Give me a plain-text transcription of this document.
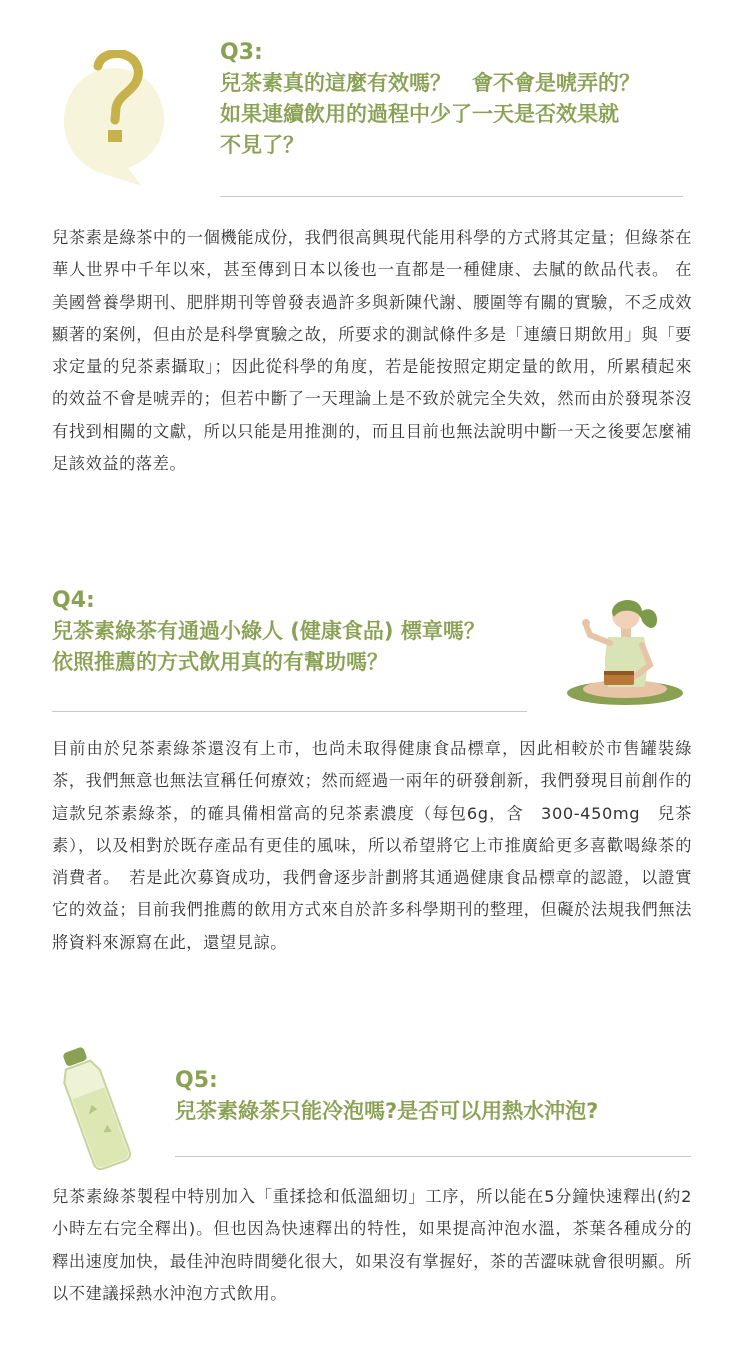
Q3:

兒茶素真的這麼有效嗎？　會不會是唬弄的？

如果連續飲用的過程中少了一天是否效果就

不見了？

兒茶素是綠茶中的一個機能成份，我們很高興現代能用科學的方式將其定量；但綠茶在華人世界中千年以來，甚至傳到日本以後也一直都是一種健康、去膩的飲品代表。 在美國營養學期刊、肥胖期刊等曾發表過許多與新陳代謝、腰圍等有關的實驗，不乏成效顯著的案例，但由於是科學實驗之故，所要求的測試條件多是「連續日期飲用」與「要求定量的兒茶素攝取」；因此從科學的角度，若是能按照定期定量的飲用，所累積起來的效益不會是唬弄的；但若中斷了一天理論上是不致於就完全失效，然而由於發現茶沒有找到相關的文獻，所以只能是用推測的，而且目前也無法說明中斷一天之後要怎麼補足該效益的落差。

Q4:

兒茶素綠茶有通過小綠人 (健康食品) 標章嗎？

依照推薦的方式飲用真的有幫助嗎？

目前由於兒茶素綠茶還沒有上市，也尚未取得健康食品標章，因此相較於市售罐裝綠茶，我們無意也無法宣稱任何療效；然而經過一兩年的研發創新，我們發現目前創作的這款兒茶素綠茶，的確具備相當高的兒茶素濃度（每包6g，含　300-450mg　兒茶素），以及相對於既存產品有更佳的風味，所以希望將它上市推廣給更多喜歡喝綠茶的消費者。　若是此次募資成功，我們會逐步計劃將其通過健康食品標章的認證，以證實它的效益；目前我們推薦的飲用方式來自於許多科學期刊的整理，但礙於法規我們無法將資料來源寫在此，還望見諒。

Q5:

兒茶素綠茶只能冷泡嗎?是否可以用熱水沖泡?

兒茶素綠茶製程中特別加入「重揉捻和低溫細切」工序，所以能在5分鐘快速釋出(約2小時左右完全釋出)。但也因為快速釋出的特性，如果提高沖泡水溫，茶葉各種成分的釋出速度加快，最佳沖泡時間變化很大，如果沒有掌握好，茶的苦澀味就會很明顯。所以不建議採熱水沖泡方式飲用。
